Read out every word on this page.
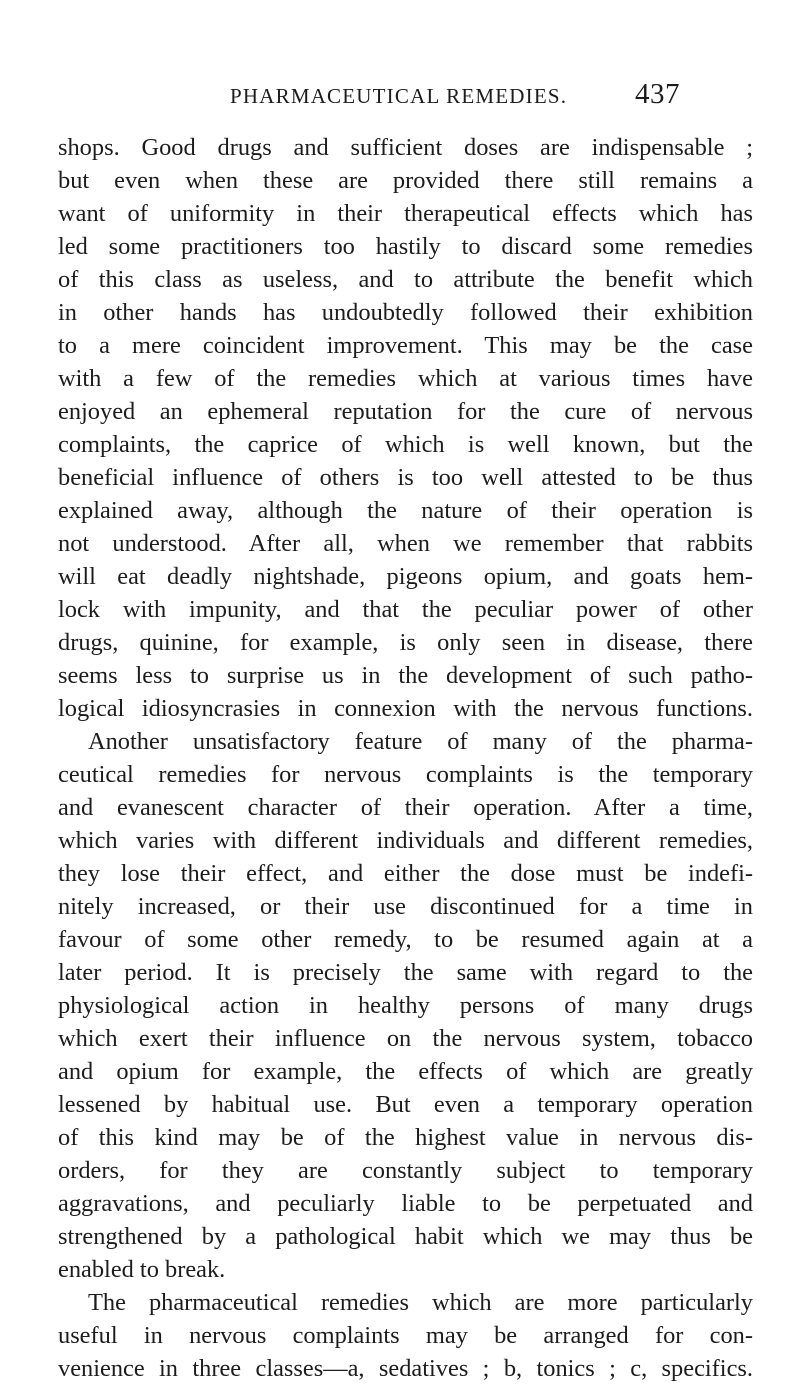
PHARMACEUTICAL REMEDIES. 437
shops. Good drugs and sufficient doses are indispensable ;
but even when these are provided there still remains a
want of uniformity in their therapeutical effects which has
led some practitioners too hastily to discard some remedies
of this class as useless, and to attribute the benefit which
in other hands has undoubtedly followed their exhibition
to a mere coincident improvement. This may be the case
with a few of the remedies which at various times have
enjoyed an ephemeral reputation for the cure of nervous
complaints, the caprice of which is well known, but the
beneficial influence of others is too well attested to be thus
explained away, although the nature of their operation is
not understood. After all, when we remember that rabbits
will eat deadly nightshade, pigeons opium, and goats hem-
lock with impunity, and that the peculiar power of other
drugs, quinine, for example, is only seen in disease, there
seems less to surprise us in the development of such patho-
logical idiosyncrasies in connexion with the nervous functions.
Another unsatisfactory feature of many of the pharma-
ceutical remedies for nervous complaints is the temporary
and evanescent character of their operation. After a time,
which varies with different individuals and different remedies,
they lose their effect, and either the dose must be indefi-
nitely increased, or their use discontinued for a time in
favour of some other remedy, to be resumed again at a
later period. It is precisely the same with regard to the
physiological action in healthy persons of many drugs
which exert their influence on the nervous system, tobacco
and opium for example, the effects of which are greatly
lessened by habitual use. But even a temporary operation
of this kind may be of the highest value in nervous dis-
orders, for they are constantly subject to temporary
aggravations, and peculiarly liable to be perpetuated and
strengthened by a pathological habit which we may thus be
enabled to break.
The pharmaceutical remedies which are more particularly
useful in nervous complaints may be arranged for con-
venience in three classes—a, sedatives ; b, tonics ; c, specifics.
